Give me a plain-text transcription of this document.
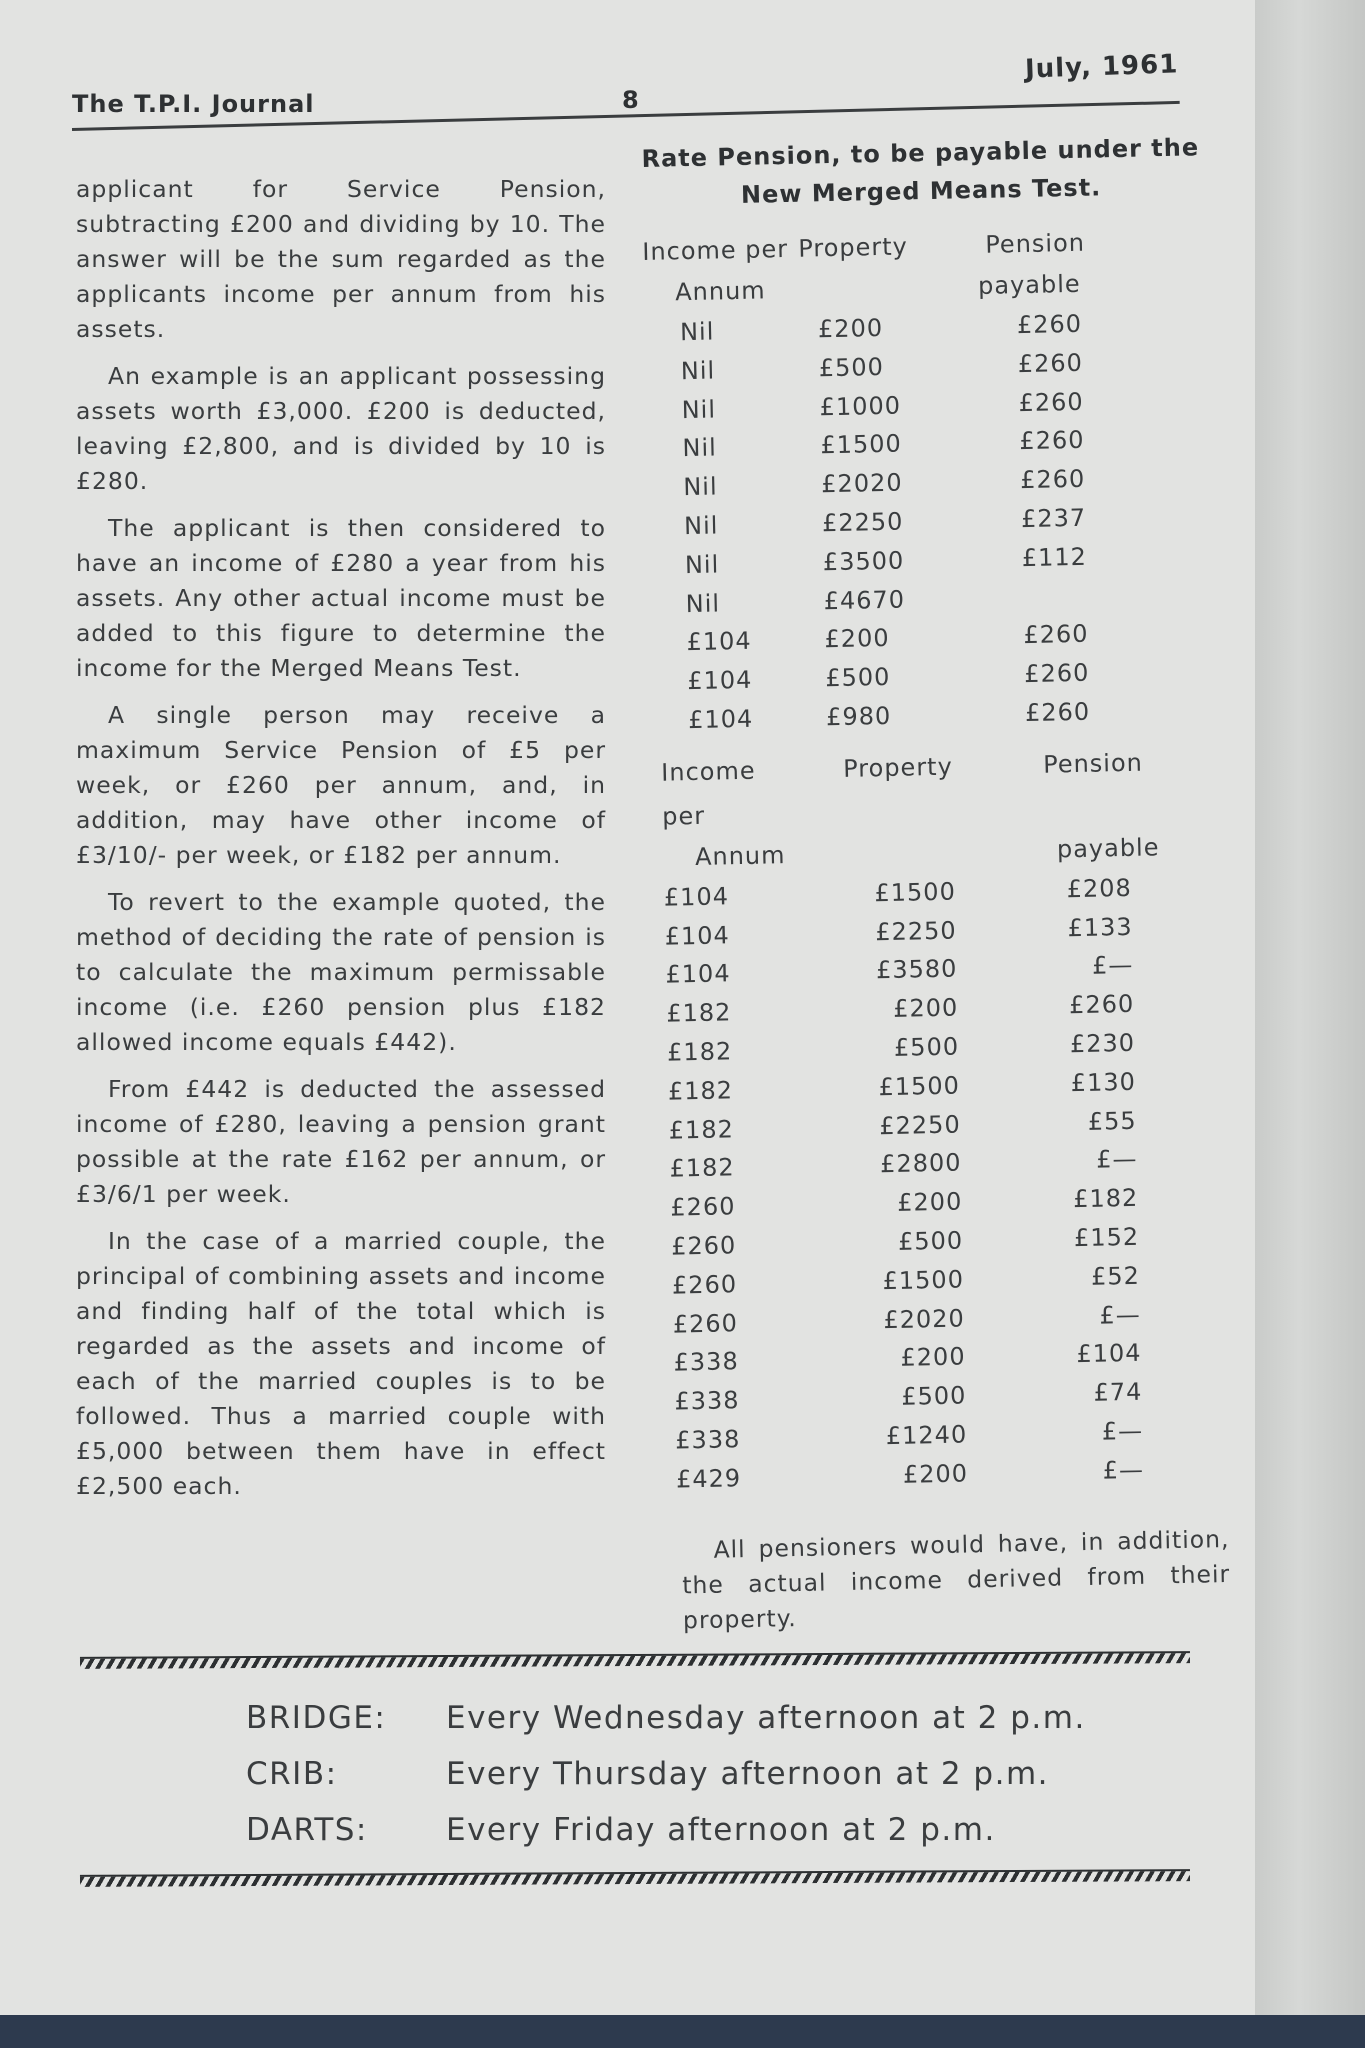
The T.P.I. Journal	8
July, 1961

applicant for Service Pension, subtracting £200 and dividing by 10. The answer will be the sum regarded as the applicants income per annum from his assets.

An example is an applicant possessing assets worth £3,000. £200 is deducted, leaving £2,800, and is divided by 10 is £280.

The applicant is then considered to have an income of £280 a year from his assets. Any other actual income must be added to this figure to determine the income for the Merged Means Test.

A single person may receive a maximum Service Pension of £5 per week, or £260 per annum, and, in addition, may have other income of £3/10/- per week, or £182 per annum.

To revert to the example quoted, the method of deciding the rate of pension is to calculate the maximum permissable income (i.e. £260 pension plus £182 allowed income equals £442).

From £442 is deducted the assessed income of £280, leaving a pension grant possible at the rate £162 per annum, or £3/6/1 per week.

In the case of a married couple, the principal of combining assets and income and finding half of the total which is regarded as the assets and income of each of the married couples is to be followed. Thus a married couple with £5,000 between them have in effect £2,500 each.

Rate Pension, to be payable under the
New Merged Means Test.
Income per Property	Pension
Annum	payable
Nil	£200	£260
Nil	£500	£260
Nil	£1000	£260
Nil	£1500	£260
Nil	£2020	£260
Nil	£2250	£237
Nil	£3500	£112
Nil	£4670
£104	£200	£260
£104	£500	£260
£104	£980	£260
Income per
Property	Pension
Annum	payable
£104	£1500	£208
£104	£2250	£133
£104	£3580	£—
£182	£200	£260
£182	£500	£230
£182	£1500	£130
£182	£2250	£55
£182	£2800	£—
£260	£200	£182
£260	£500	£152
£260	£1500	£52
£260	£2020	£—
£338	£200	£104
£338	£500	£74
£338	£1240	£—
£429	£200	£—
All pensioners would have, in addition, the actual income derived from their property.
BRIDGE:	Every Wednesday afternoon at 2 p.m.
CRIB:	Every Thursday afternoon at 2 p.m.
DARTS:	Every Friday afternoon at 2 p.m.
